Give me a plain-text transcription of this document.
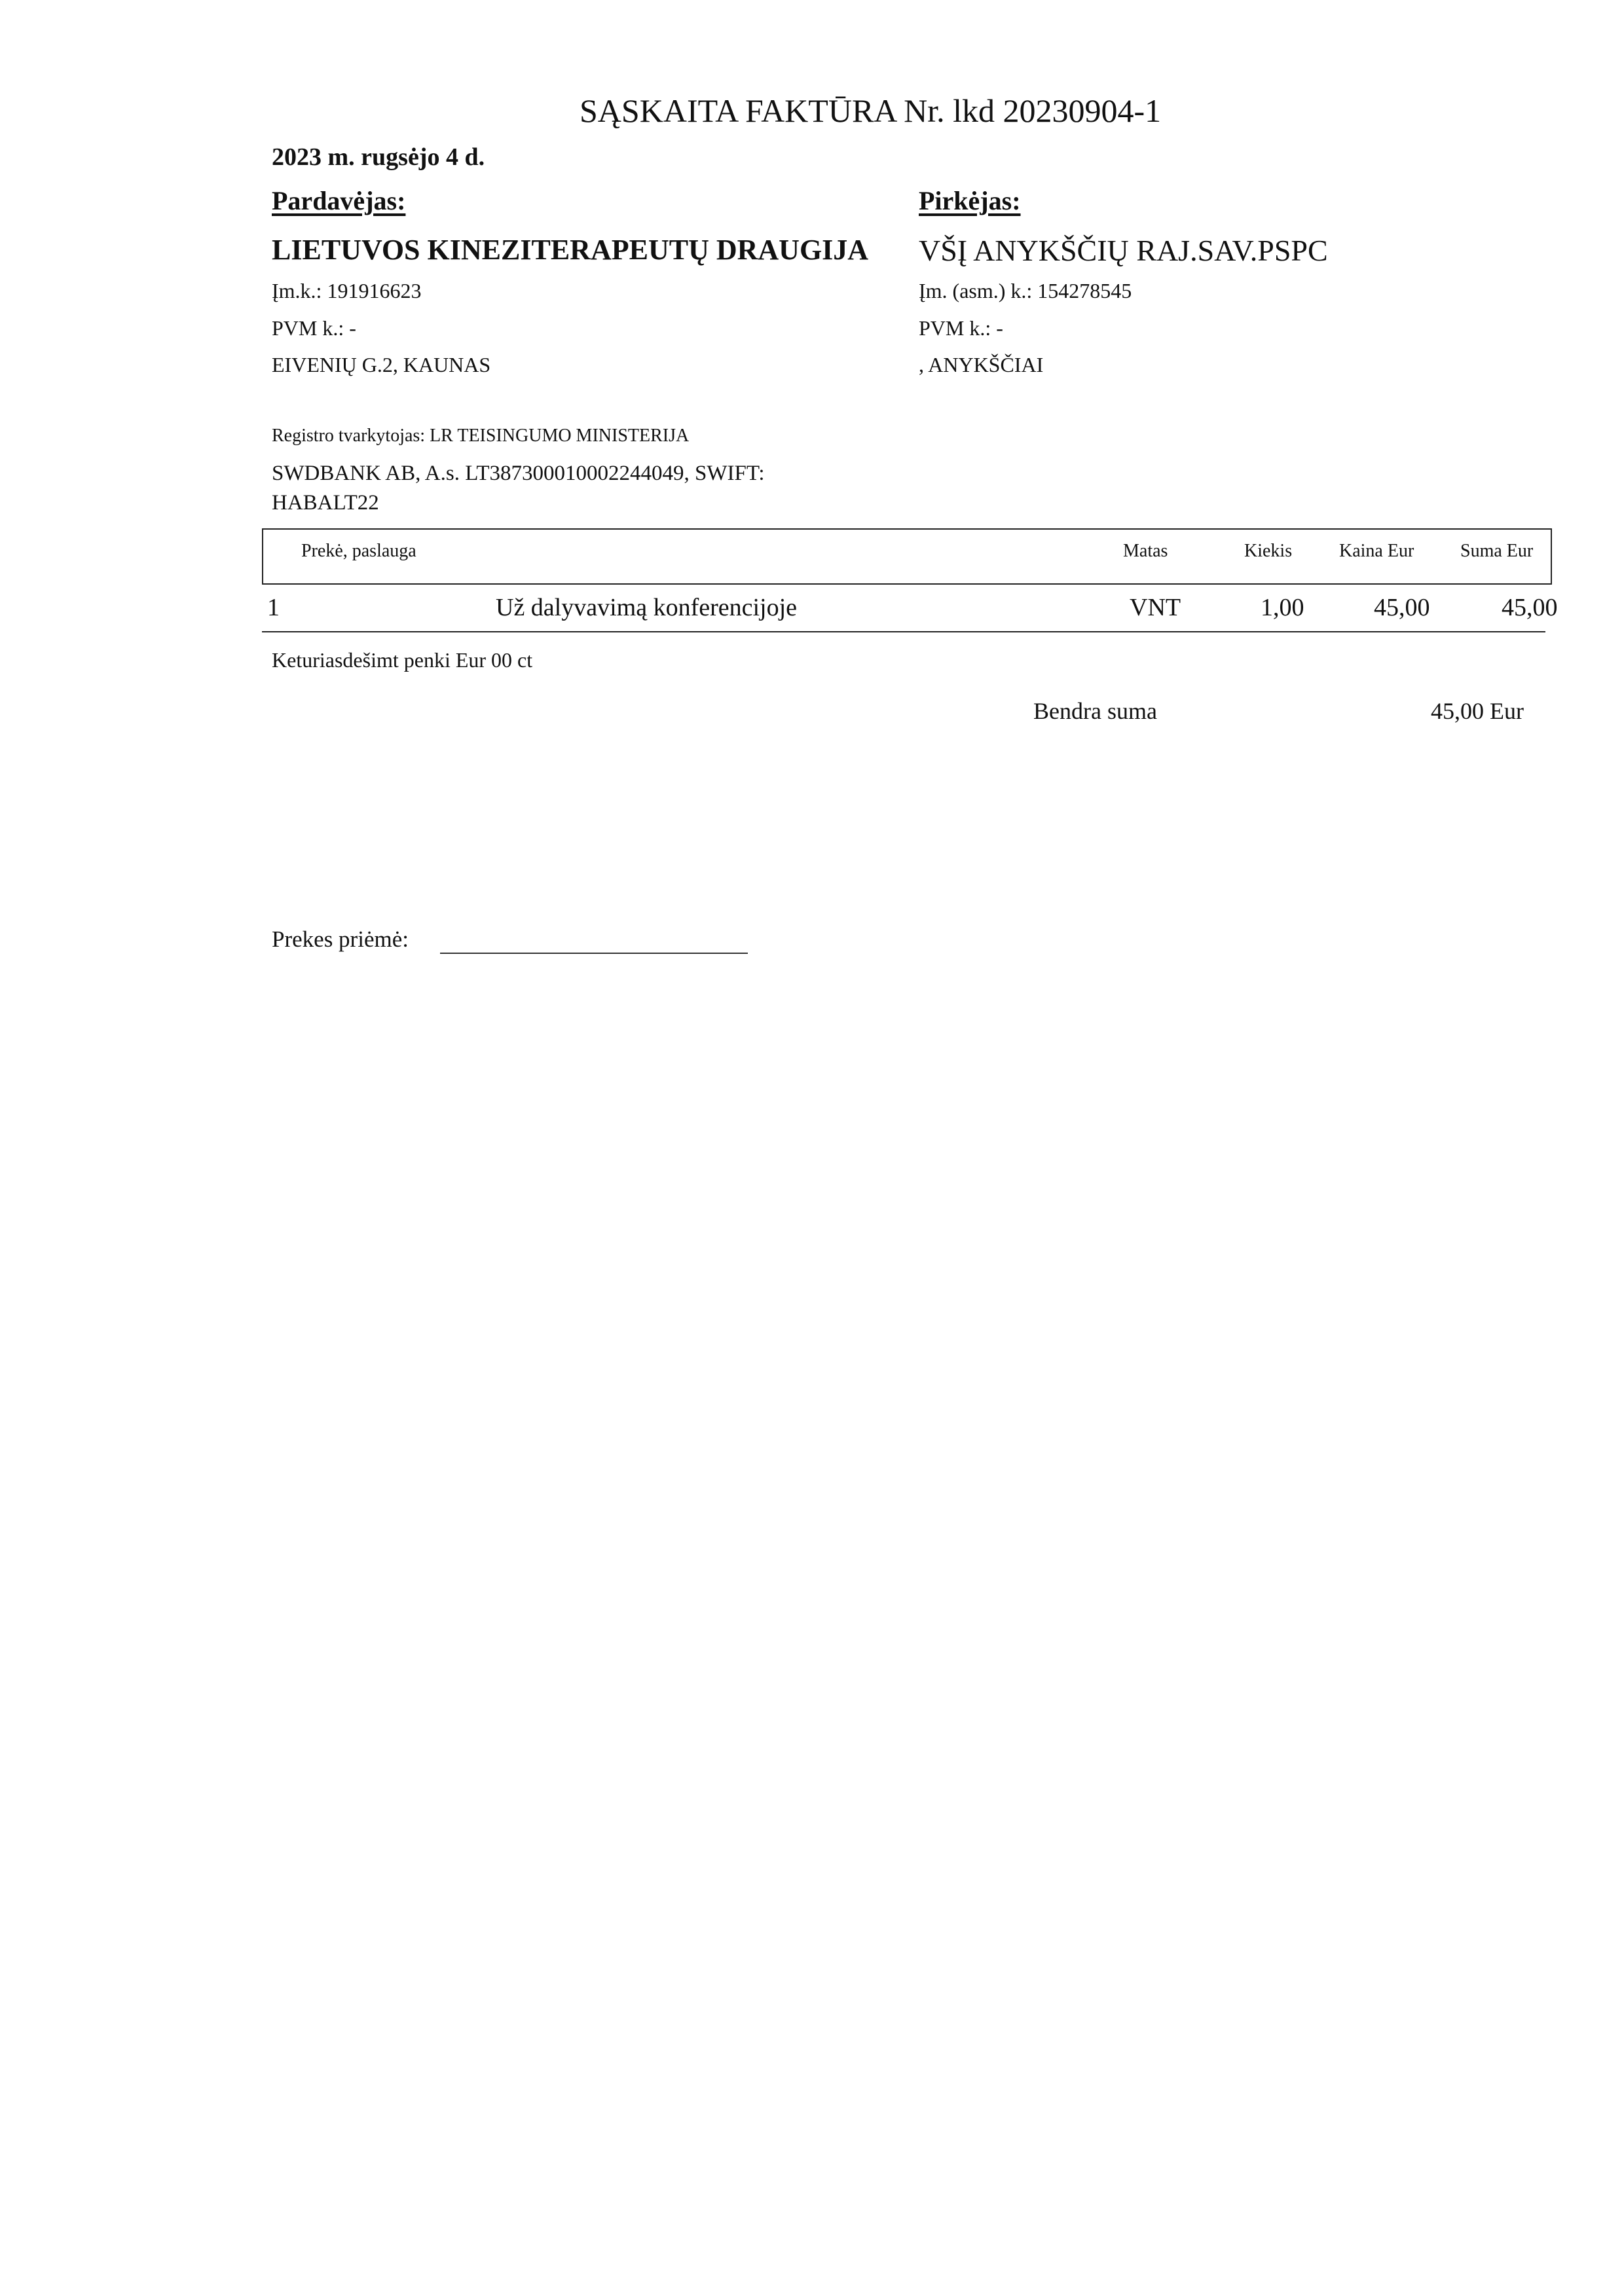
SĄSKAITA FAKTŪRA Nr. lkd 20230904-1
2023 m. rugsėjo 4 d.
Pardavėjas:	Pirkėjas:
LIETUVOS KINEZITERAPEUTŲ DRAUGIJA VŠĮ ANYKŠČIŲ RAJ.SAV.PSPC
Įm.k.: 191916623
PVM k.: -
EIVENIŲ G.2, KAUNAS
Įm. (asm.) k.: 154278545
PVM k.: -
, ANYKŠČIAI
Registro tvarkytojas: LR TEISINGUMO MINISTERIJA
SWDBANK AB, A.s. LT387300010002244049, SWIFT:
HABALT22
Prekė, paslauga	Matas	Kiekis	Kaina Eur	Suma Eur
1	Už dalyvavimą konferencijoje	VNT	1,00	45,00	45,00
Keturiasdešimt penki Eur 00 ct
Bendra suma	45,00 Eur
Prekes priėmė:
